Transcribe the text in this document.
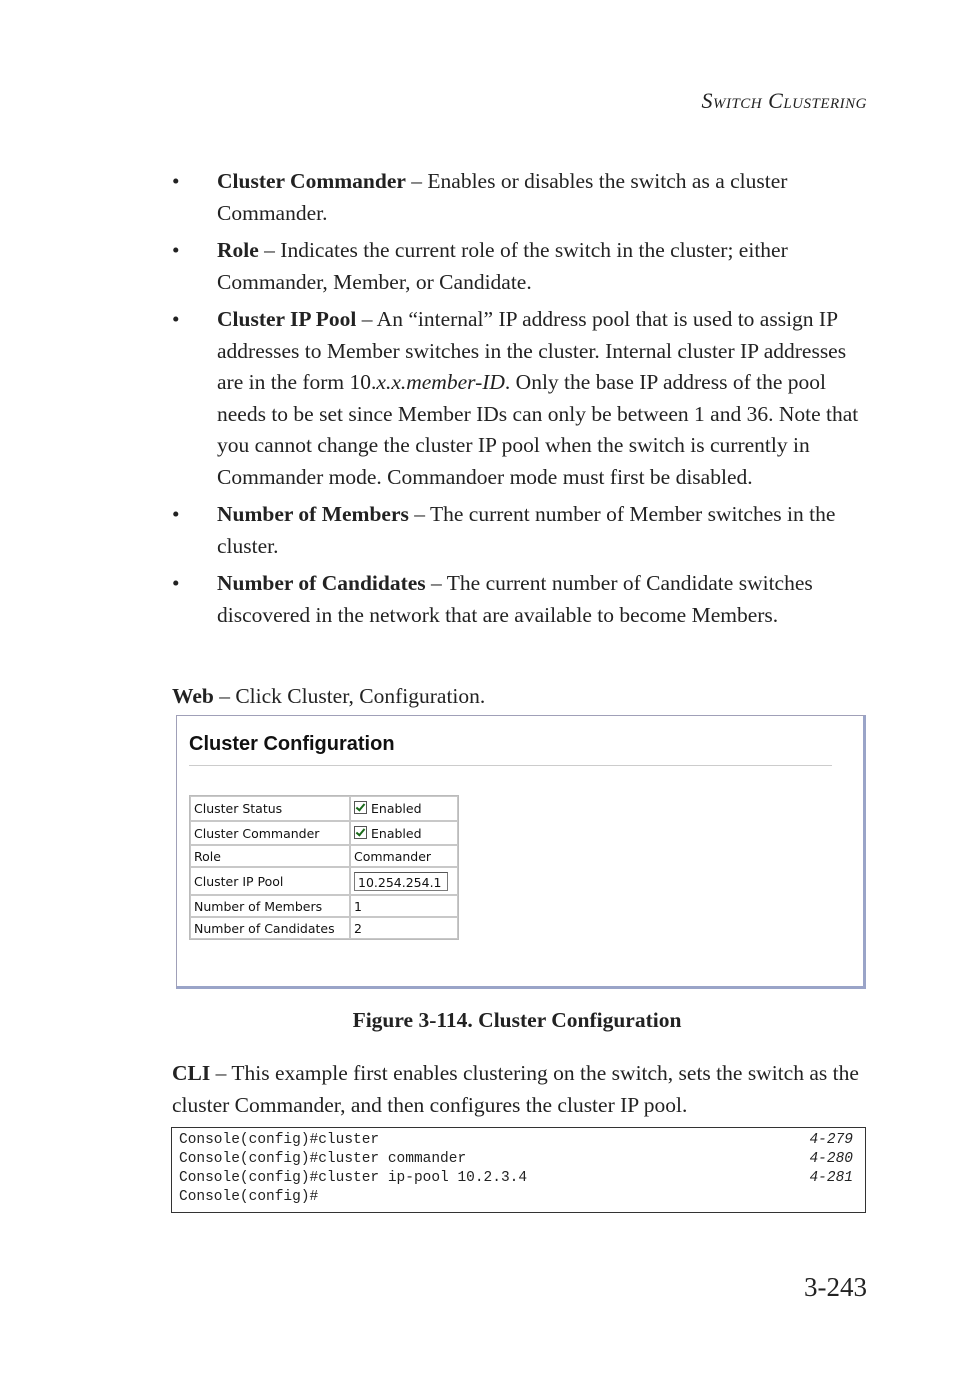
Switch Clustering
• Cluster Commander – Enables or disables the switch as a cluster Commander.
• Role – Indicates the current role of the switch in the cluster; either Commander, Member, or Candidate.
• Cluster IP Pool – An “internal” IP address pool that is used to assign IP addresses to Member switches in the cluster. Internal cluster IP addresses are in the form 10.x.x.member-ID. Only the base IP address of the pool needs to be set since Member IDs can only be between 1 and 36. Note that you cannot change the cluster IP pool when the switch is currently in Commander mode. Commandoer mode must first be disabled.
• Number of Members – The current number of Member switches in the cluster.
• Number of Candidates – The current number of Candidate switches discovered in the network that are available to become Members.
Web – Click Cluster, Configuration.
Cluster Configuration
Cluster Status	Enabled
Cluster Commander	Enabled
Role	Commander
Cluster IP Pool	10.254.254.1
Number of Members	1
Number of Candidates	2
Figure 3-114. Cluster Configuration
CLI – This example first enables clustering on the switch, sets the switch as the cluster Commander, and then configures the cluster IP pool.
Console(config)#cluster	4-279
Console(config)#cluster commander	4-280
Console(config)#cluster ip-pool 10.2.3.4	4-281
Console(config)#
3-243
